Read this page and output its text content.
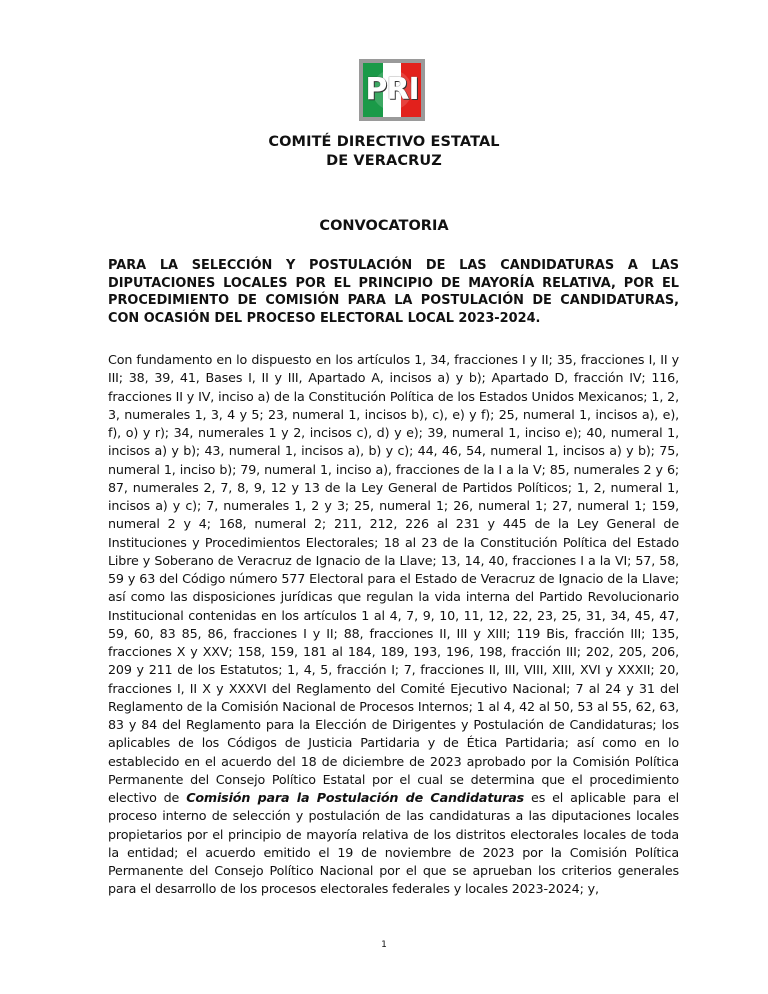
PRI
COMITÉ DIRECTIVO ESTATAL
DE VERACRUZ
CONVOCATORIA
PARA LA SELECCIÓN Y POSTULACIÓN DE LAS CANDIDATURAS A LAS DIPUTACIONES LOCALES POR EL PRINCIPIO DE MAYORÍA RELATIVA, POR EL PROCEDIMIENTO DE COMISIÓN PARA LA POSTULACIÓN DE CANDIDATURAS, CON OCASIÓN DEL PROCESO ELECTORAL LOCAL 2023-2024.
Con fundamento en lo dispuesto en los artículos 1, 34, fracciones I y II; 35, fracciones I, II y III; 38, 39, 41, Bases I, II y III, Apartado A, incisos a) y b); Apartado D, fracción IV; 116, fracciones II y IV, inciso a) de la Constitución Política de los Estados Unidos Mexicanos; 1, 2, 3, numerales 1, 3, 4 y 5; 23, numeral 1, incisos b), c), e) y f); 25, numeral 1, incisos a), e), f), o) y r); 34, numerales 1 y 2, incisos c), d) y e); 39, numeral 1, inciso e); 40, numeral 1, incisos a) y b); 43, numeral 1, incisos a), b) y c); 44, 46, 54, numeral 1, incisos a) y b); 75, numeral 1, inciso b); 79, numeral 1, inciso a), fracciones de la I a la V; 85, numerales 2 y 6; 87, numerales 2, 7, 8, 9, 12 y 13 de la Ley General de Partidos Políticos; 1, 2, numeral 1, incisos a) y c); 7, numerales 1, 2 y 3; 25, numeral 1; 26, numeral 1; 27, numeral 1; 159, numeral 2 y 4; 168, numeral 2; 211, 212, 226 al 231 y 445 de la Ley General de Instituciones y Procedimientos Electorales; 18 al 23 de la Constitución Política del Estado Libre y Soberano de Veracruz de Ignacio de la Llave; 13, 14, 40, fracciones I a la VI; 57, 58, 59 y 63 del Código número 577 Electoral para el Estado de Veracruz de Ignacio de la Llave; así como las disposiciones jurídicas que regulan la vida interna del Partido Revolucionario Institucional contenidas en los artículos 1 al 4, 7, 9, 10, 11, 12, 22, 23, 25, 31, 34, 45, 47, 59, 60, 83 85, 86, fracciones I y II; 88, fracciones II, III y XIII; 119 Bis, fracción III; 135, fracciones X y XXV; 158, 159, 181 al 184, 189, 193, 196, 198, fracción III; 202, 205, 206, 209 y 211 de los Estatutos; 1, 4, 5, fracción I; 7, fracciones II, III, VIII, XIII, XVI y XXXII; 20, fracciones I, II X y XXXVI del Reglamento del Comité Ejecutivo Nacional; 7 al 24 y 31 del Reglamento de la Comisión Nacional de Procesos Internos; 1 al 4, 42 al 50, 53 al 55, 62, 63, 83 y 84 del Reglamento para la Elección de Dirigentes y Postulación de Candidaturas; los aplicables de los Códigos de Justicia Partidaria y de Ética Partidaria; así como en lo establecido en el acuerdo del 18 de diciembre de 2023 aprobado por la Comisión Política Permanente del Consejo Político Estatal por el cual se determina que el procedimiento electivo de Comisión para la Postulación de Candidaturas es el aplicable para el proceso interno de selección y postulación de las candidaturas a las diputaciones locales propietarios por el principio de mayoría relativa de los distritos electorales locales de toda la entidad; el acuerdo emitido el 19 de noviembre de 2023 por la Comisión Política Permanente del Consejo Político Nacional por el que se aprueban los criterios generales para el desarrollo de los procesos electorales federales y locales 2023-2024; y,
1
